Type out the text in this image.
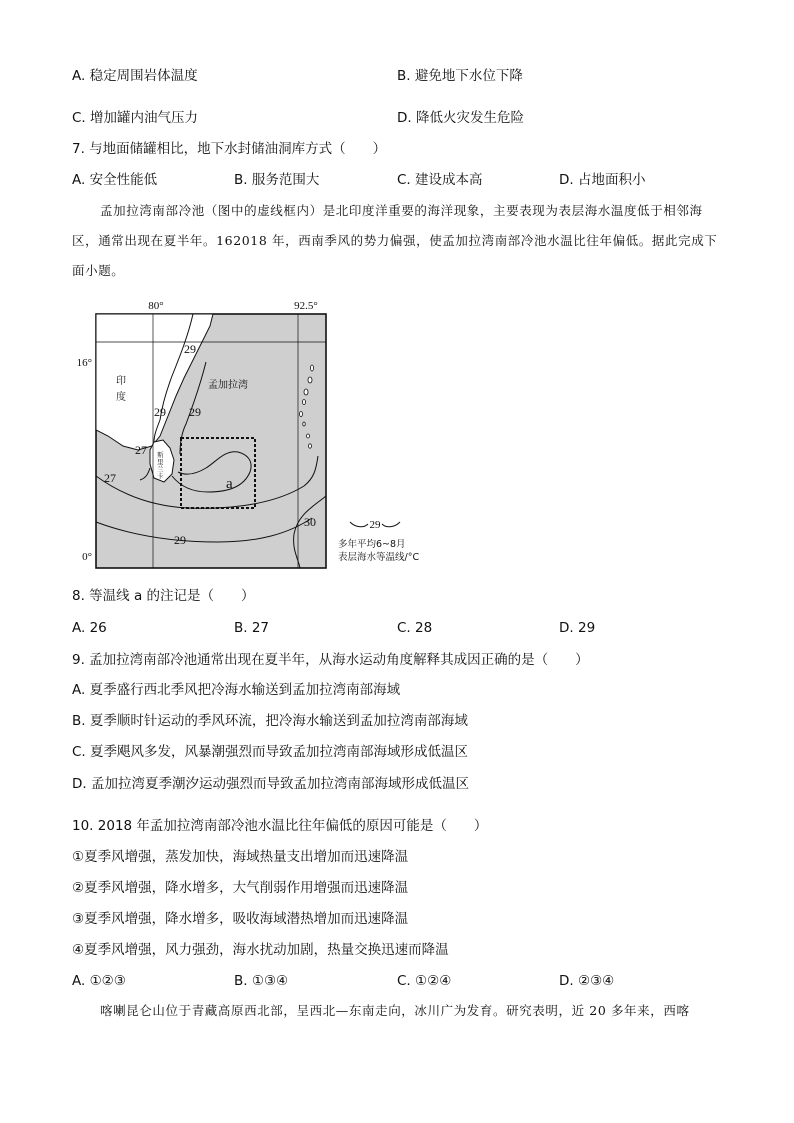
A. 稳定周围岩体温度	B. 避免地下水位下降
C. 增加罐内油气压力	D. 降低火灾发生危险
7. 与地面储罐相比，地下水封储油洞库方式（　　）
A. 安全性能低	B. 服务范围大	C. 建设成本高	D. 占地面积小

孟加拉湾南部冷池（图中的虚线框内）是北印度洋重要的海洋现象，主要表现为表层海水温度低于相邻海区，通常出现在夏半年。162018 年，西南季风的势力偏强，使孟加拉湾南部冷池水温比往年偏低。据此完成下面小题。

80°	92.5°
16°
0°
印
度
孟加拉湾
斯
里
兰
卡
29
29 29
27
27
30
29
a
29
多年平均6~8月
表层海水等温线/°C
8. 等温线 a 的注记是（　　）
A. 26	B. 27	C. 28	D. 29
9. 孟加拉湾南部冷池通常出现在夏半年，从海水运动角度解释其成因正确的是（　　）
A. 夏季盛行西北季风把冷海水输送到孟加拉湾南部海域
B. 夏季顺时针运动的季风环流，把冷海水输送到孟加拉湾南部海域
C. 夏季飓风多发，风暴潮强烈而导致孟加拉湾南部海域形成低温区
D. 孟加拉湾夏季潮汐运动强烈而导致孟加拉湾南部海域形成低温区
10. 2018 年孟加拉湾南部冷池水温比往年偏低的原因可能是（　　）
①夏季风增强，蒸发加快，海域热量支出增加而迅速降温
②夏季风增强，降水增多，大气削弱作用增强而迅速降温
③夏季风增强，降水增多，吸收海域潜热增加而迅速降温
④夏季风增强，风力强劲，海水扰动加剧，热量交换迅速而降温
A. ①②③	B. ①③④	C. ①②④	D. ②③④

喀喇昆仑山位于青藏高原西北部，呈西北—东南走向，冰川广为发育。研究表明，近 20 多年来，西喀
